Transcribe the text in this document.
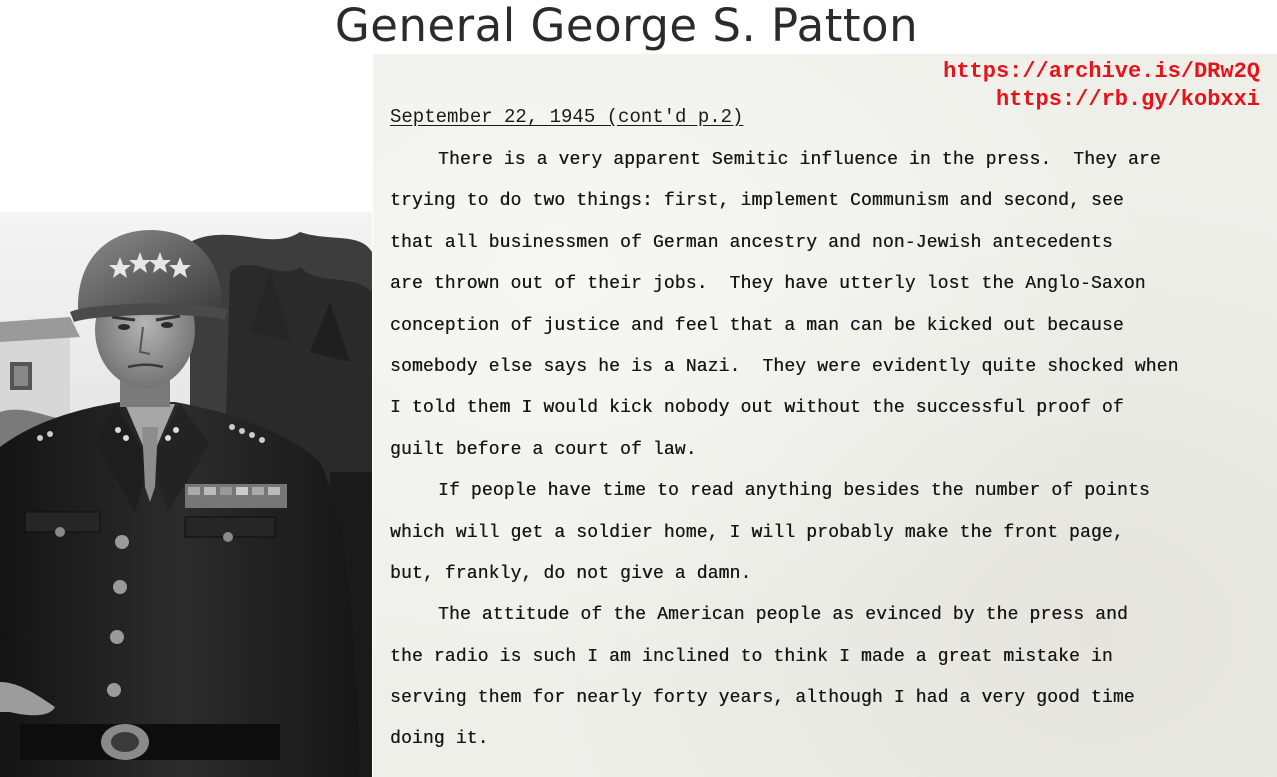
General George S. Patton
https://archive.is/DRw2Q
https://rb.gy/kobxxi
September 22, 1945 (cont'd p.2)
There is a very apparent Semitic influence in the press.  They are
trying to do two things: first, implement Communism and second, see
that all businessmen of German ancestry and non-Jewish antecedents
are thrown out of their jobs.  They have utterly lost the Anglo-Saxon
conception of justice and feel that a man can be kicked out because
somebody else says he is a Nazi.  They were evidently quite shocked when
I told them I would kick nobody out without the successful proof of
guilt before a court of law.
If people have time to read anything besides the number of points
which will get a soldier home, I will probably make the front page,
but, frankly, do not give a damn.
The attitude of the American people as evinced by the press and
the radio is such I am inclined to think I made a great mistake in
serving them for nearly forty years, although I had a very good time
doing it.
